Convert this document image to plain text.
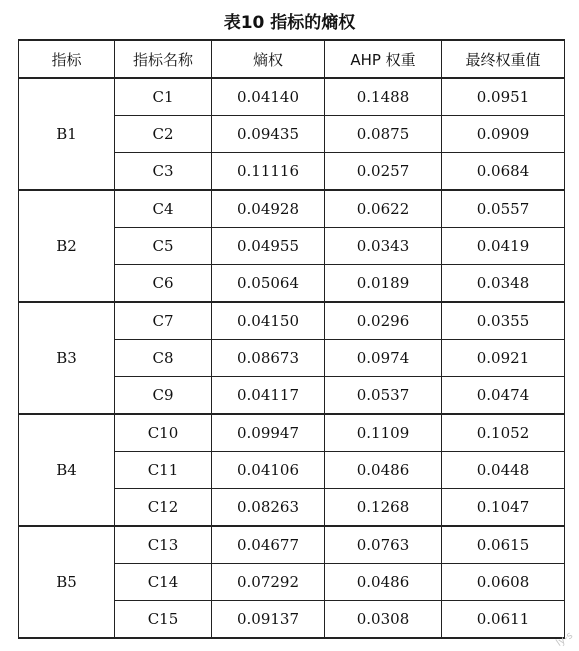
表10 指标的熵权
指标	指标名称	熵权	AHP 权重	最终权重值
B1	C1	0.04140	0.1488	0.0951
	C2	0.09435	0.0875	0.0909
	C3	0.11116	0.0257	0.0684
B2	C4	0.04928	0.0622	0.0557
	C5	0.04955	0.0343	0.0419
	C6	0.05064	0.0189	0.0348
B3	C7	0.04150	0.0296	0.0355
	C8	0.08673	0.0974	0.0921
	C9	0.04117	0.0537	0.0474
B4	C10	0.09947	0.1109	0.1052
	C11	0.04106	0.0486	0.0448
	C12	0.08263	0.1268	0.1047
B5	C13	0.04677	0.0763	0.0615
	C14	0.07292	0.0486	0.0608
	C15	0.09137	0.0308	0.0611
ly-s
